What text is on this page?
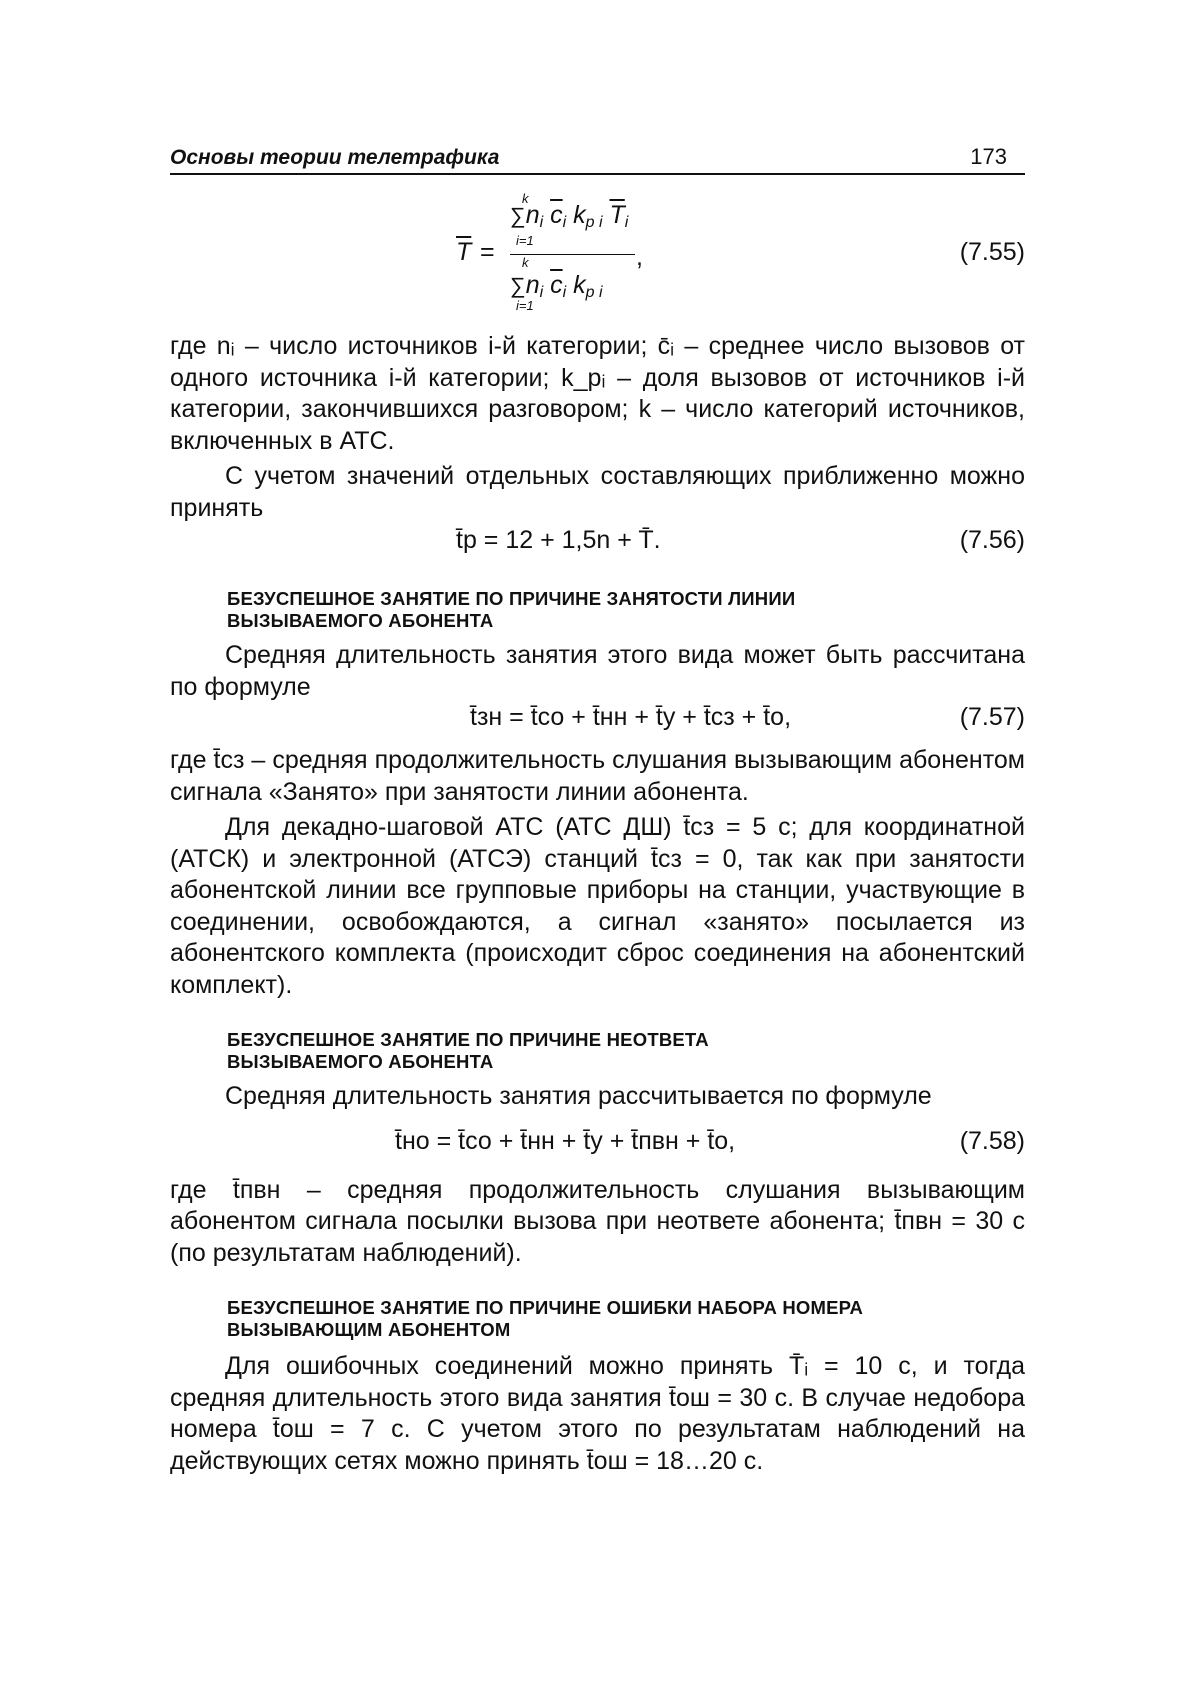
Основы теории телетрафика	173
$\overline{T}$ =
k
$\sum n_i$ $\overline{c}_i$ $k_{p i}$ $\overline{T}_i$
i=1
,
k
$\sum n_i$ $\overline{c}_i$ $k_{p i}$
i=1
(7.55)

где nᵢ – число источников i-й категории; c̄ᵢ – среднее число вызовов от одного источника i-й категории; k_pᵢ – доля вызовов от источников i-й категории, закончившихся разговором; k – число категорий источников, включенных в АТС.

С учетом значений отдельных составляющих приближенно можно принять

t̄р = 12 + 1,5n + T̄.	(7.56)
БЕЗУСПЕШНОЕ ЗАНЯТИЕ ПО ПРИЧИНЕ ЗАНЯТОСТИ ЛИНИИ
ВЫЗЫВАЕМОГО АБОНЕНТА

Средняя длительность занятия этого вида может быть рассчитана по формуле

t̄зн = t̄со + t̄нн + t̄у + t̄сз + t̄о,	(7.57)

где t̄сз – средняя продолжительность слушания вызывающим абонентом сигнала «Занято» при занятости линии абонента.

Для декадно-шаговой АТС (АТС ДШ) t̄сз = 5 с; для координатной (АТСК) и электронной (АТСЭ) станций t̄сз = 0, так как при занятости абонентской линии все групповые приборы на станции, участвующие в соединении, освобождаются, а сигнал «занято» посылается из абонентского комплекта (происходит сброс соединения на абонентский комплект).

БЕЗУСПЕШНОЕ ЗАНЯТИЕ ПО ПРИЧИНЕ НЕОТВЕТА
ВЫЗЫВАЕМОГО АБОНЕНТА

Средняя длительность занятия рассчитывается по формуле

t̄но = t̄со + t̄нн + t̄у + t̄пвн + t̄о,	(7.58)

где t̄пвн – средняя продолжительность слушания вызывающим абонентом сигнала посылки вызова при неответе абонента; t̄пвн = 30 с (по результатам наблюдений).

БЕЗУСПЕШНОЕ ЗАНЯТИЕ ПО ПРИЧИНЕ ОШИБКИ НАБОРА НОМЕРА
ВЫЗЫВАЮЩИМ АБОНЕНТОМ

Для ошибочных соединений можно принять T̄ᵢ = 10 с, и тогда средняя длительность этого вида занятия t̄ош = 30 с. В случае недобора номера t̄ош = 7 с. С учетом этого по результатам наблюдений на действующих сетях можно принять t̄ош = 18…20 с.
